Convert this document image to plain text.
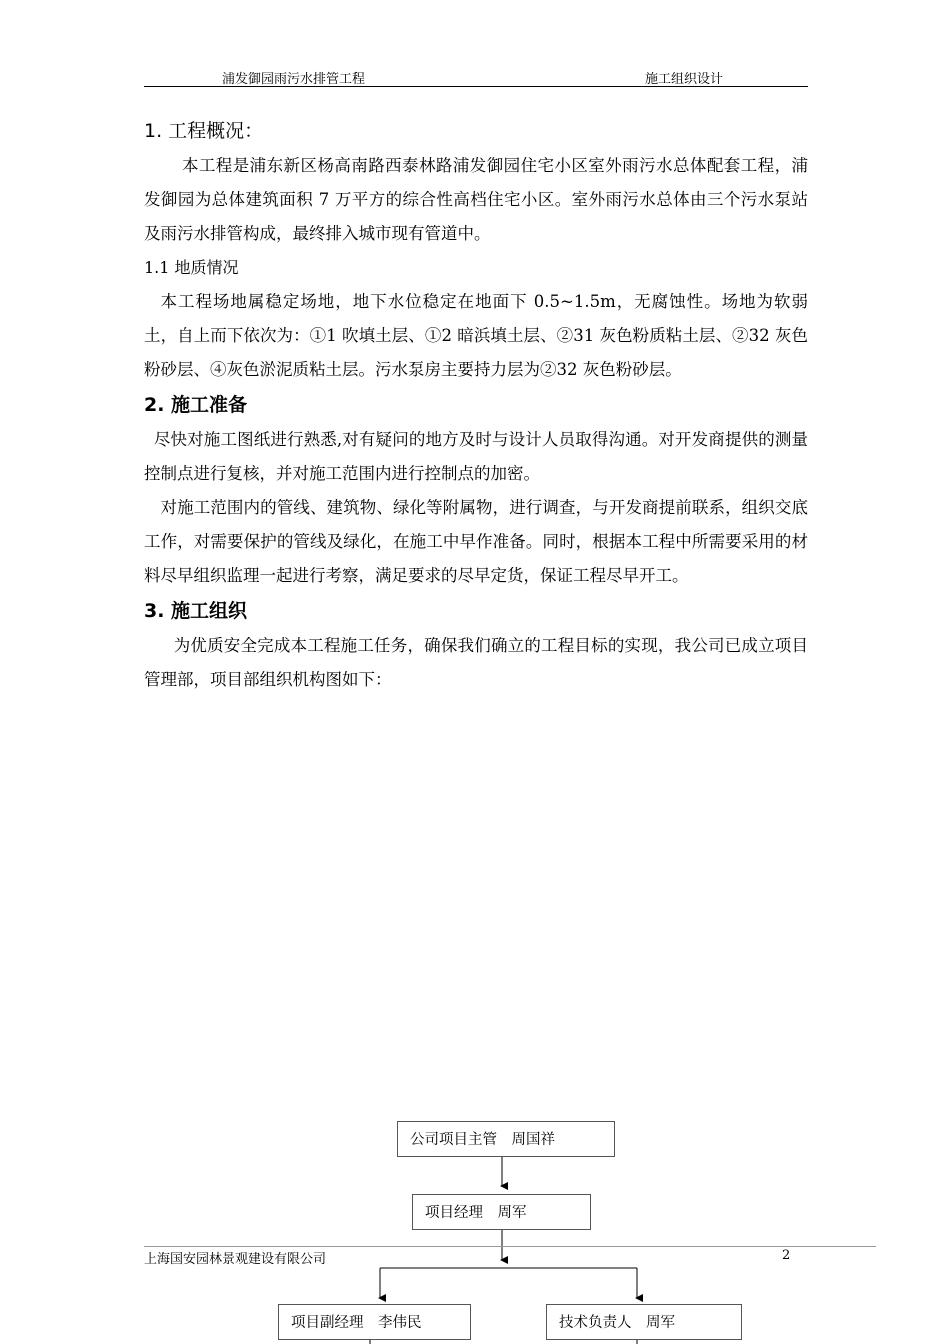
浦发御园雨污水排管工程	施工组织设计
1. 工程概况：

本工程是浦东新区杨高南路西泰林路浦发御园住宅小区室外雨污水总体配套工程，浦发御园为总体建筑面积 7 万平方的综合性高档住宅小区。室外雨污水总体由三个污水泵站及雨污水排管构成，最终排入城市现有管道中。

1.1 地质情况

本工程场地属稳定场地，地下水位稳定在地面下 0.5~1.5m，无腐蚀性。场地为软弱土，自上而下依次为：①1 吹填土层、①2 暗浜填土层、②31 灰色粉质粘土层、②32 灰色粉砂层、④灰色淤泥质粘土层。污水泵房主要持力层为②32 灰色粉砂层。

2. 施工准备

尽快对施工图纸进行熟悉,对有疑问的地方及时与设计人员取得沟通。对开发商提供的测量控制点进行复核，并对施工范围内进行控制点的加密。

对施工范围内的管线、建筑物、绿化等附属物，进行调查，与开发商提前联系，组织交底工作，对需要保护的管线及绿化，在施工中早作准备。同时，根据本工程中所需要采用的材料尽早组织监理一起进行考察，满足要求的尽早定货，保证工程尽早开工。

3. 施工组织

为优质安全完成本工程施工任务，确保我们确立的工程目标的实现，我公司已成立项目管理部，项目部组织机构图如下：

公司项目主管　周国祥
项目经理　周军
上海国安园林景观建设有限公司	2
项目副经理　李伟民	技术负责人　周军
